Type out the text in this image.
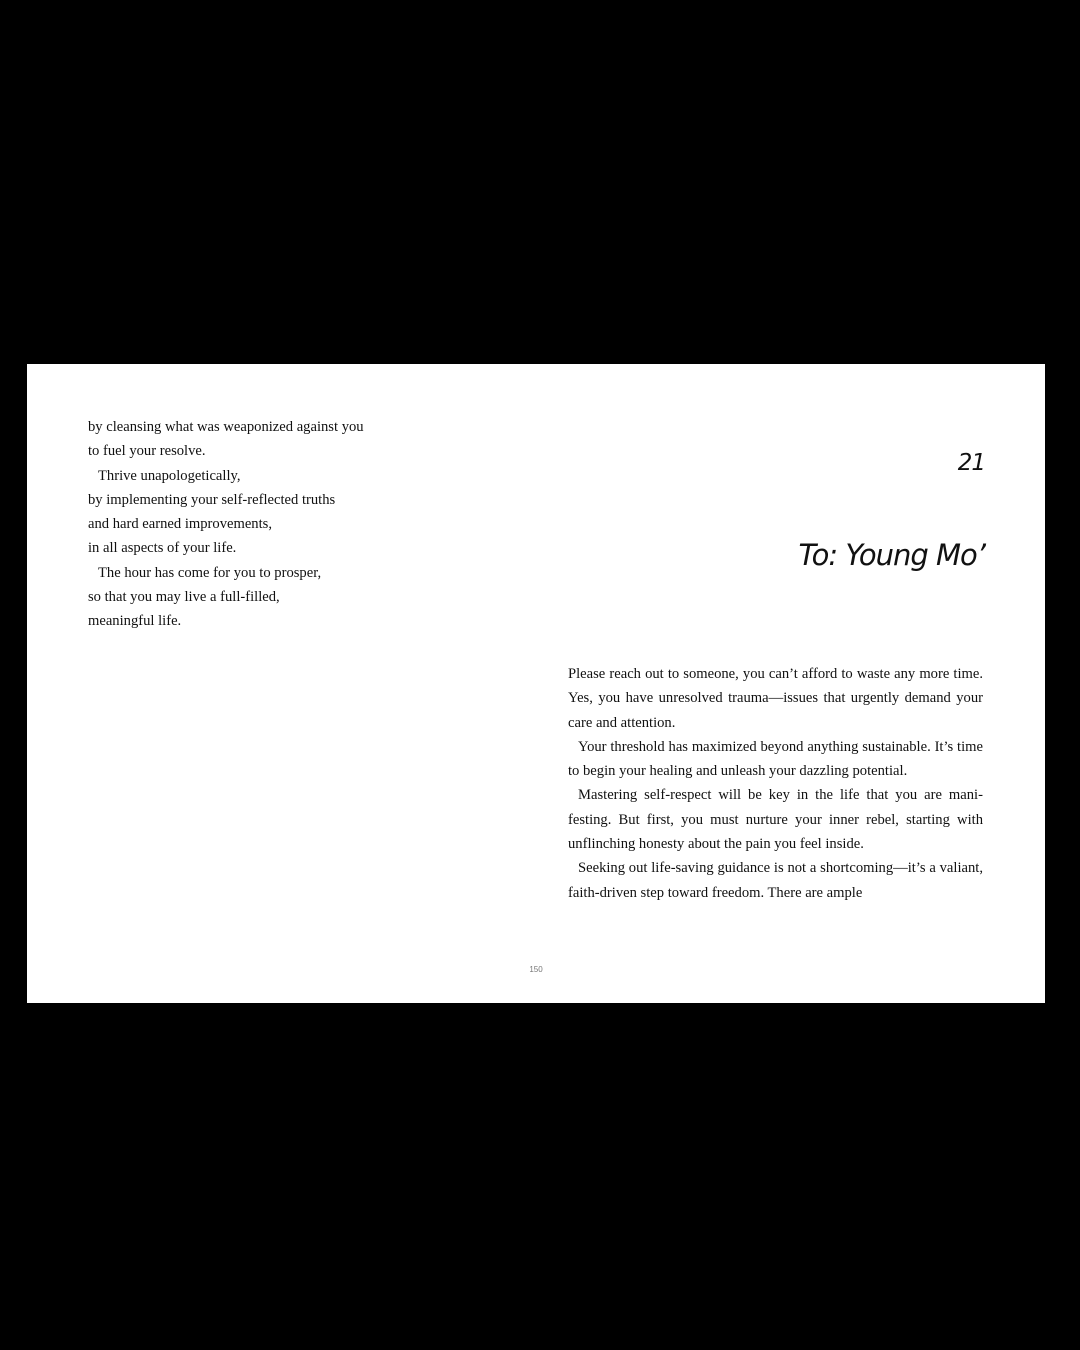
by cleansing what was weaponized against you

to fuel your resolve.

Thrive unapologetically,

by implementing your self-reflected truths

and hard earned improvements,

in all aspects of your life.

The hour has come for you to prosper,

so that you may live a full-filled,

meaningful life.

21
To: Young Mo’

Please reach out to someone, you can’t afford to waste any more time. Yes, you have unresolved trauma—issues that urgently demand your care and attention.

Your threshold has maximized beyond anything sustainable. It’s time to begin your healing and unleash your dazzling potential.

Mastering self-respect will be key in the life that you are manifesting. But first, you must nurture your inner rebel, starting with unflinching honesty about the pain you feel inside.

Seeking out life-saving guidance is not a shortcoming—it’s a valiant, faith-driven step toward freedom. There are ample

150
